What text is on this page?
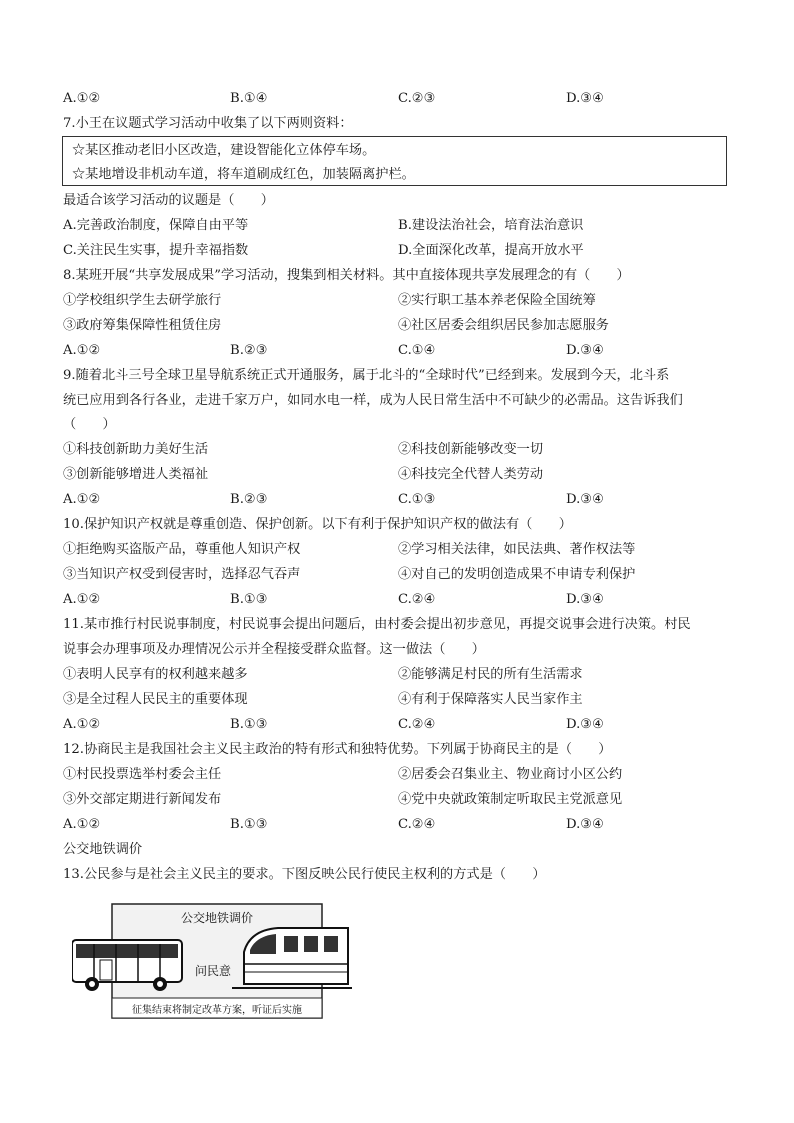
A.①②	B.①④	C.②③	D.③④
7.小王在议题式学习活动中收集了以下两则资料：
☆某区推动老旧小区改造，建设智能化立体停车场。
☆某地增设非机动车道，将车道刷成红色，加装隔离护栏。
最适合该学习活动的议题是（　　）
A.完善政治制度，保障自由平等	B.建设法治社会，培育法治意识
C.关注民生实事，提升幸福指数	D.全面深化改革，提高开放水平
8.某班开展“共享发展成果”学习活动，搜集到相关材料。其中直接体现共享发展理念的有（　　）
①学校组织学生去研学旅行	②实行职工基本养老保险全国统筹
③政府筹集保障性租赁住房	④社区居委会组织居民参加志愿服务
A.①②	B.②③	C.①④	D.③④
9.随着北斗三号全球卫星导航系统正式开通服务，属于北斗的“全球时代”已经到来。发展到今天，北斗系
统已应用到各行各业，走进千家万户，如同水电一样，成为人民日常生活中不可缺少的必需品。这告诉我们
（　　）
①科技创新助力美好生活	②科技创新能够改变一切
③创新能够增进人类福祉	④科技完全代替人类劳动
A.①②	B.②③	C.①③	D.③④
10.保护知识产权就是尊重创造、保护创新。以下有利于保护知识产权的做法有（　　）
①拒绝购买盗版产品，尊重他人知识产权	②学习相关法律，如民法典、著作权法等
③当知识产权受到侵害时，选择忍气吞声	④对自己的发明创造成果不申请专利保护
A.①②	B.①③	C.②④	D.③④
11.某市推行村民说事制度，村民说事会提出问题后，由村委会提出初步意见，再提交说事会进行决策。村民
说事会办理事项及办理情况公示并全程接受群众监督。这一做法（　　）
①表明人民享有的权利越来越多	②能够满足村民的所有生活需求
③是全过程人民民主的重要体现	④有利于保障落实人民当家作主
A.①②	B.①③	C.②④	D.③④
12.协商民主是我国社会主义民主政治的特有形式和独特优势。下列属于协商民主的是（　　）
①村民投票选举村委会主任	②居委会召集业主、物业商讨小区公约
③外交部定期进行新闻发布	④党中央就政策制定听取民主党派意见
A.①②	B.①③	C.②④	D.③④
公交地铁调价
13.公民参与是社会主义民主的要求。下图反映公民行使民主权利的方式是（　　）
公交地铁调价
问民意
征集结束将制定改革方案，听证后实施
